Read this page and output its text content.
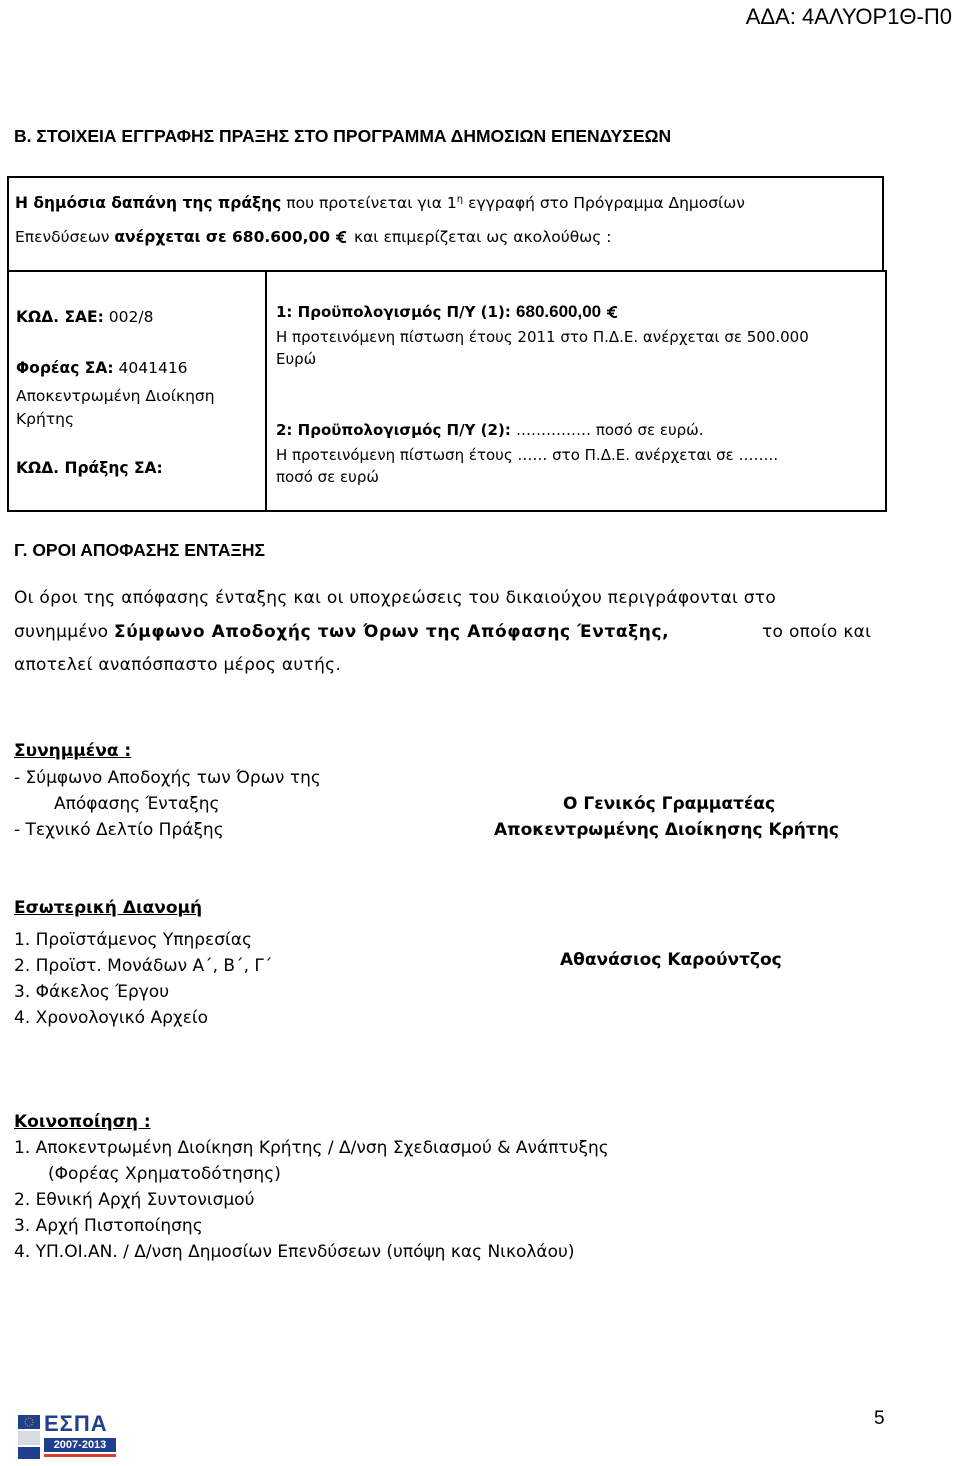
ΑΔΑ: 4ΑΛΥΟΡ1Θ-Π0
Β. ΣΤΟΙΧΕΙΑ ΕΓΓΡΑΦΗΣ ΠΡΑΞΗΣ ΣΤΟ ΠΡΟΓΡΑΜΜΑ ΔΗΜΟΣΙΩΝ ΕΠΕΝΔΥΣΕΩΝ
Η δημόσια δαπάνη της πράξης που προτείνεται για $1^\eta$ εγγραφή στο Πρόγραμμα Δημοσίων
Επενδύσεων ανέρχεται σε 680.600,00  και επιμερίζεται ως ακολούθως :
ΚΩΔ. ΣΑΕ: 002/8
Φορέας ΣΑ: 4041416
Αποκεντρωμένη Διοίκηση
Κρήτης
ΚΩΔ. Πράξης ΣΑ:
1: Προϋπολογισμός Π/Υ (1): 680.600,00
Η προτεινόμενη πίστωση έτους 2011 στο Π.Δ.Ε. ανέρχεται σε 500.000
Ευρώ
2: Προϋπολογισμός Π/Υ (2): …………… ποσό σε ευρώ.
Η προτεινόμενη πίστωση έτους …… στο Π.Δ.Ε. ανέρχεται σε ……..
ποσό σε ευρώ
Γ. ΟΡΟΙ ΑΠΟΦΑΣΗΣ ΕΝΤΑΞΗΣ
Οι όροι της απόφασης ένταξης και οι υποχρεώσεις του δικαιούχου περιγράφονται στο
συνημμένο Σύμφωνο Αποδοχής των Όρων της Απόφασης Ένταξης,	το οποίο και
αποτελεί αναπόσπαστο μέρος αυτής.
Συνημμένα :
- Σύμφωνο Αποδοχής των Όρων της
Απόφασης Ένταξης
- Τεχνικό Δελτίο Πράξης
Ο Γενικός Γραμματέας
Αποκεντρωμένης Διοίκησης Κρήτης
Αθανάσιος Καρούντζος
Εσωτερική Διανομή
1. Προϊστάμενος Υπηρεσίας
2. Προϊστ. Μονάδων Α΄, Β΄, Γ΄
3. Φάκελος Έργου
4. Χρονολογικό Αρχείο
Κοινοποίηση :
1. Αποκεντρωμένη Διοίκηση Κρήτης / Δ/νση Σχεδιασμού & Ανάπτυξης
(Φορέας Χρηματοδότησης)
2. Εθνική Αρχή Συντονισμού
3. Αρχή Πιστοποίησης
4. ΥΠ.ΟΙ.ΑΝ. / Δ/νση Δημοσίων Επενδύσεων (υπόψη κας Νικολάου)
ΕΣΠΑ
2007-2013
5
